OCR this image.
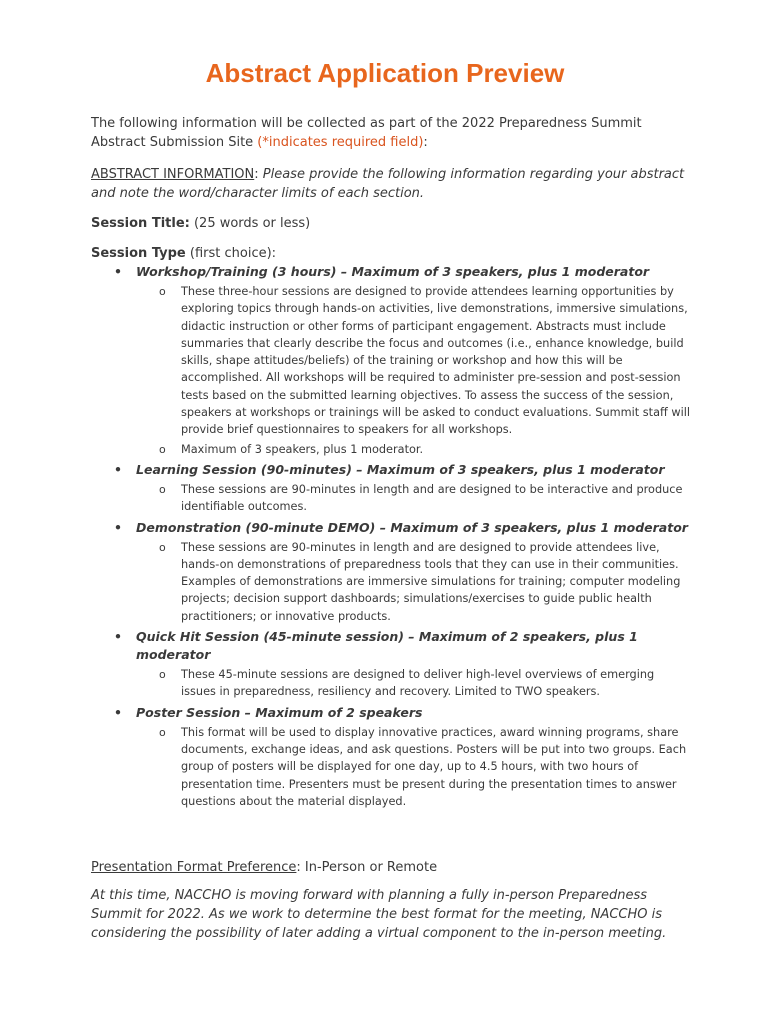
Abstract Application Preview

The following information will be collected as part of the 2022 Preparedness Summit Abstract Submission Site (*indicates required field):

ABSTRACT INFORMATION: Please provide the following information regarding your abstract and note the word/character limits of each section.

Session Title: (25 words or less)

Session Type (first choice):

• Workshop/Training (3 hours) – Maximum of 3 speakers, plus 1 moderator
o These three-hour sessions are designed to provide attendees learning opportunities by exploring topics through hands-on activities, live demonstrations, immersive simulations, didactic instruction or other forms of participant engagement. Abstracts must include summaries that clearly describe the focus and outcomes (i.e., enhance knowledge, build skills, shape attitudes/beliefs) of the training or workshop and how this will be accomplished. All workshops will be required to administer pre-session and post-session tests based on the submitted learning objectives. To assess the success of the session, speakers at workshops or trainings will be asked to conduct evaluations. Summit staff will provide brief questionnaires to speakers for all workshops.
o Maximum of 3 speakers, plus 1 moderator.
• Learning Session (90-minutes) – Maximum of 3 speakers, plus 1 moderator
o These sessions are 90-minutes in length and are designed to be interactive and produce identifiable outcomes.
• Demonstration (90-minute DEMO) – Maximum of 3 speakers, plus 1 moderator
o These sessions are 90-minutes in length and are designed to provide attendees live, hands-on demonstrations of preparedness tools that they can use in their communities. Examples of demonstrations are immersive simulations for training; computer modeling projects; decision support dashboards; simulations/exercises to guide public health practitioners; or innovative products.
• Quick Hit Session (45-minute session) – Maximum of 2 speakers, plus 1 moderator
o These 45-minute sessions are designed to deliver high-level overviews of emerging issues in preparedness, resiliency and recovery. Limited to TWO speakers.
• Poster Session – Maximum of 2 speakers
o This format will be used to display innovative practices, award winning programs, share documents, exchange ideas, and ask questions. Posters will be put into two groups. Each group of posters will be displayed for one day, up to 4.5 hours, with two hours of presentation time. Presenters must be present during the presentation times to answer questions about the material displayed.

Presentation Format Preference: In-Person or Remote

At this time, NACCHO is moving forward with planning a fully in-person Preparedness Summit for 2022. As we work to determine the best format for the meeting, NACCHO is considering the possibility of later adding a virtual component to the in-person meeting.
